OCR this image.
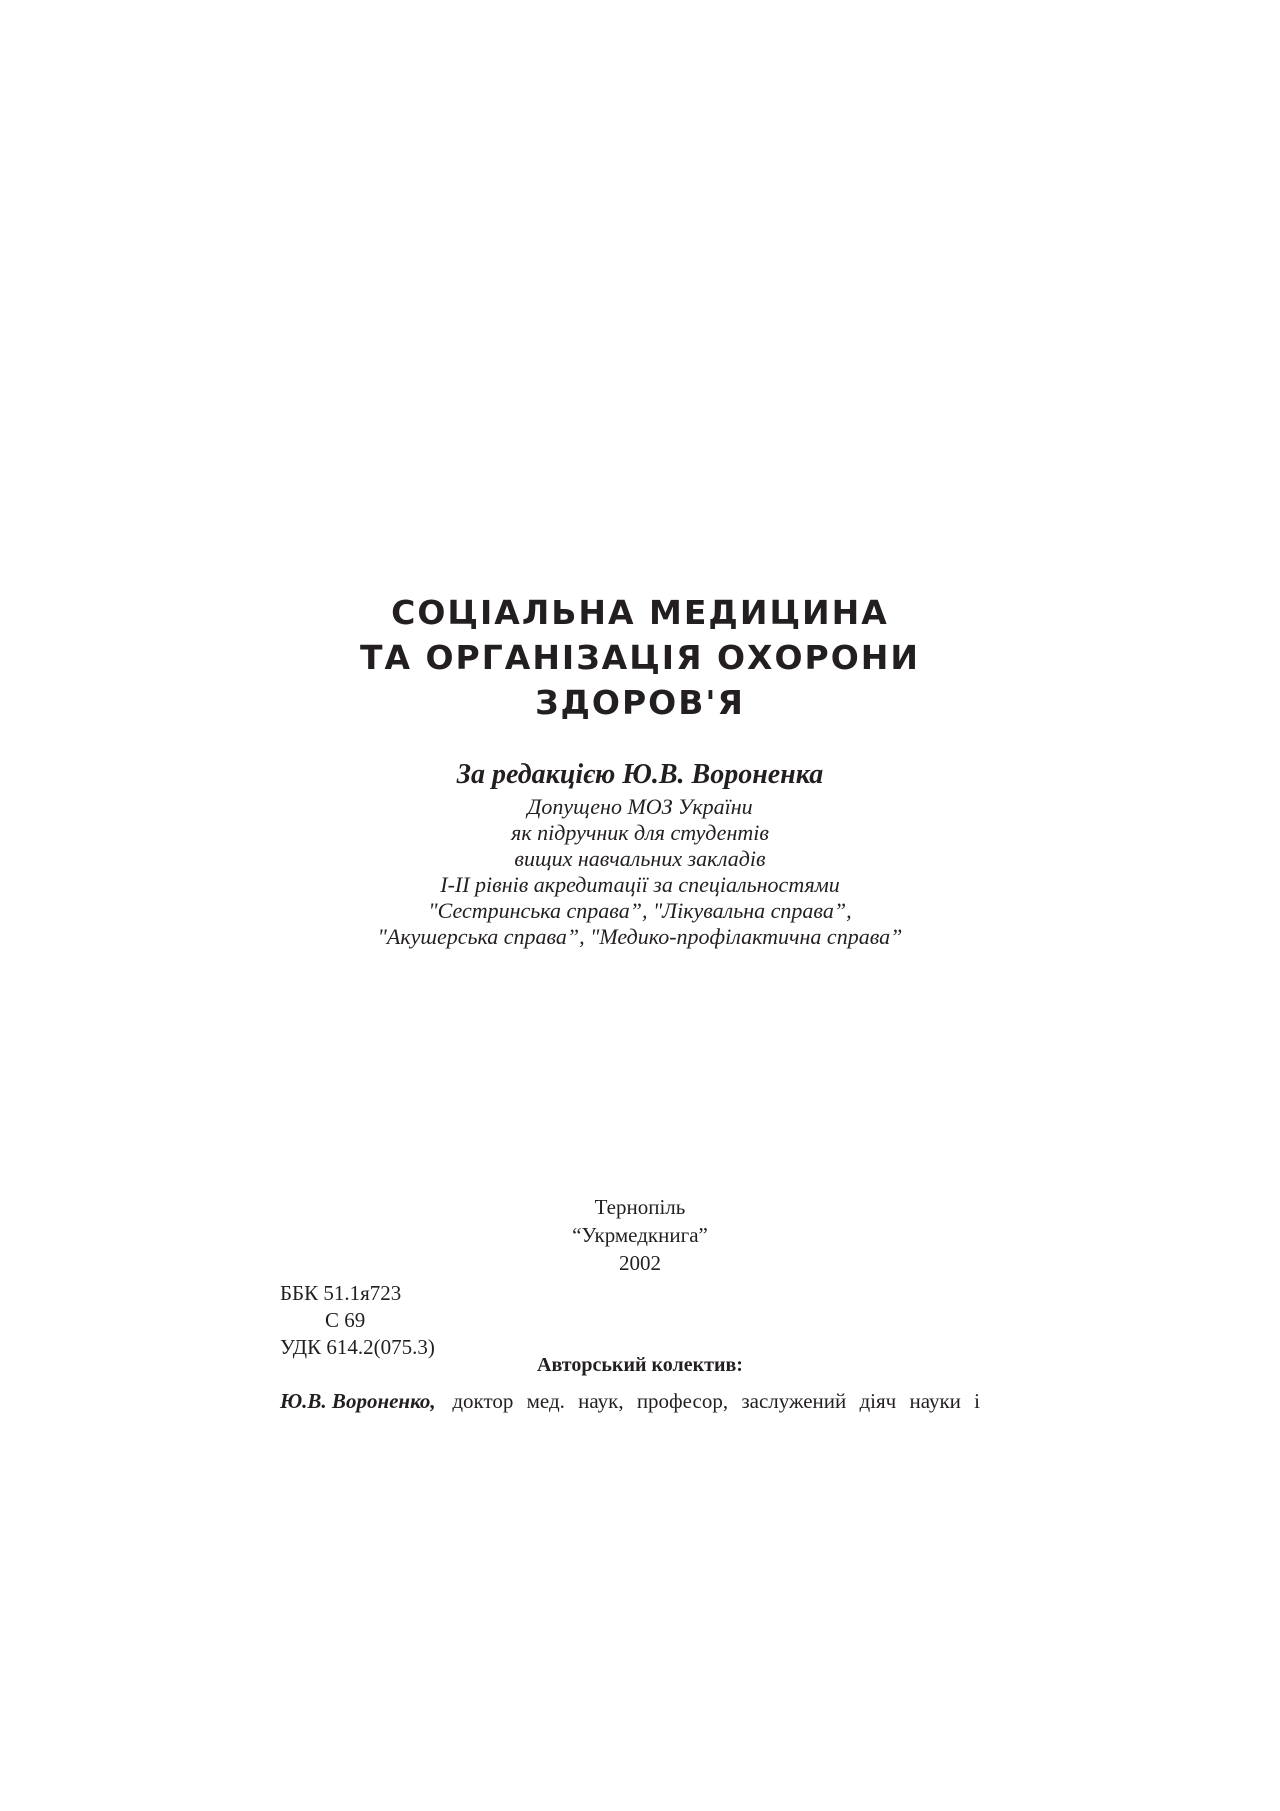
СОЦІАЛЬНА МЕДИЦИНА
ТА ОРГАНІЗАЦІЯ ОХОРОНИ
ЗДОРОВ'Я
За редакцією Ю.В. Вороненка
Допущено МОЗ України
як підручник для студентів
вищих навчальних закладів
І-ІІ рівнів акредитації за спеціальностями
"Сестринська справа”, "Лікувальна справа”,
"Акушерська справа”, "Медико-профілактична справа”
Тернопіль
“Укрмедкнига”
2002
ББК 51.1я723
С 69
УДК 614.2(075.3)
Авторський колектив:
Ю.В. Вороненко, доктор мед. наук, професор, заслужений діяч науки і
